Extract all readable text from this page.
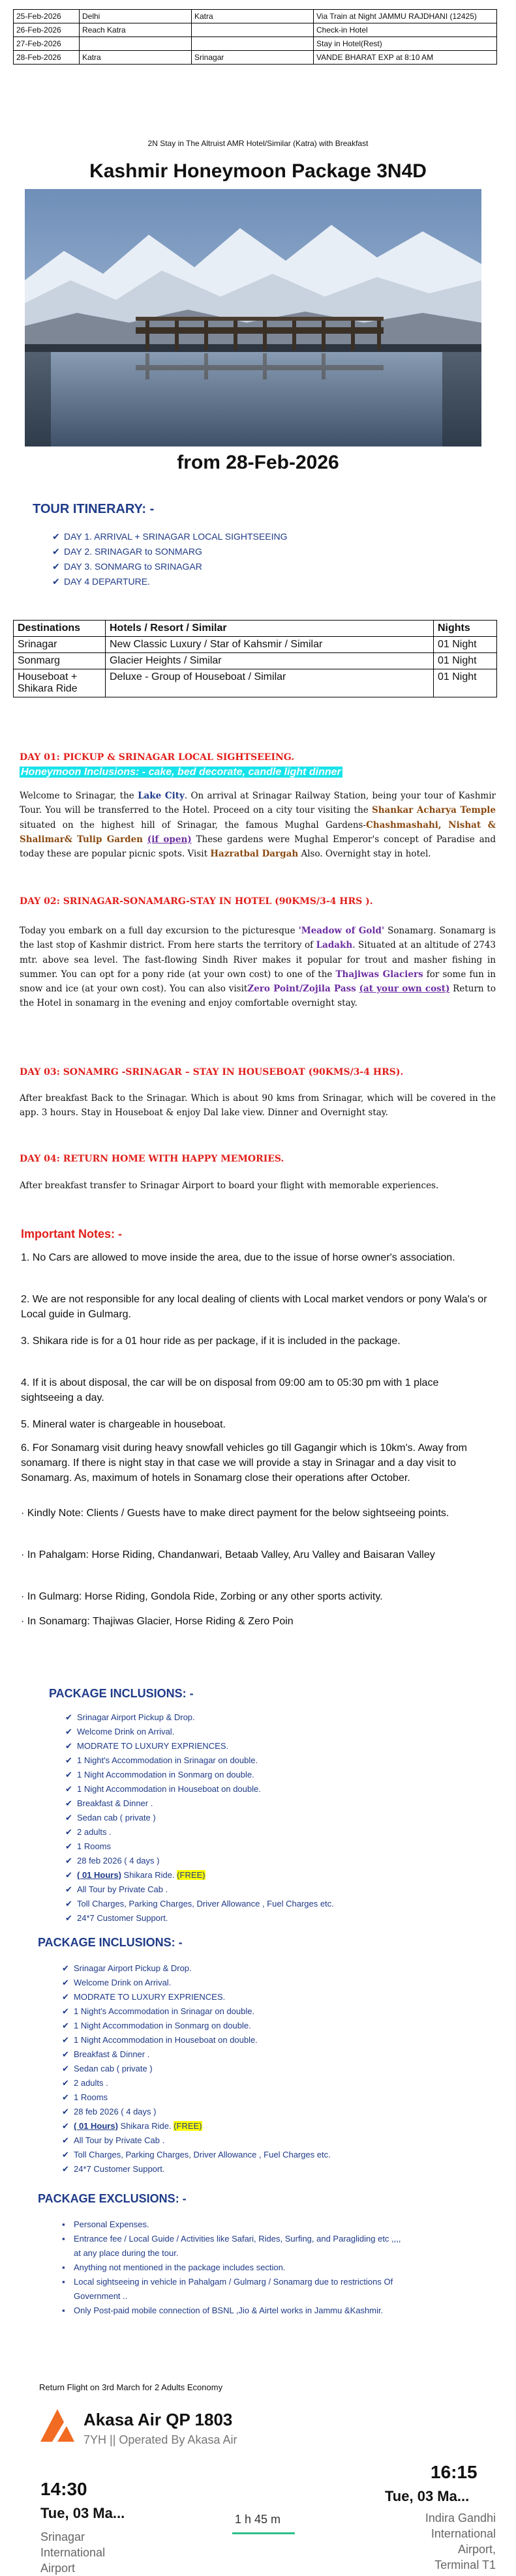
25-Feb-2026	Delhi	Katra	Via Train at Night JAMMU RAJDHANI (12425)
26-Feb-2026	Reach Katra		Check-in Hotel
27-Feb-2026			Stay in Hotel(Rest)
28-Feb-2026	Katra	Srinagar	VANDE BHARAT EXP at 8:10 AM
2N Stay in The Altruist AMR Hotel/Similar (Katra) with Breakfast
Kashmir Honeymoon Package 3N4D
from 28-Feb-2026
TOUR ITINERARY: -
✔ DAY 1. ARRIVAL + SRINAGAR LOCAL SIGHTSEEING
✔ DAY 2. SRINAGAR to SONMARG
✔ DAY 3. SONMARG to SRINAGAR
✔ DAY 4 DEPARTURE.
Destinations	Hotels / Resort / Similar	Nights
Srinagar	New Classic Luxury / Star of Kahsmir / Similar	01 Night
Sonmarg	Glacier Heights / Similar	01 Night
Houseboat + Shikara Ride	Deluxe - Group of Houseboat / Similar	01 Night
DAY 01: PICKUP & SRINAGAR LOCAL SIGHTSEEING.
Honeymoon Inclusions: - cake, bed decorate, candle light dinner
Welcome to Srinagar, the Lake City. On arrival at Srinagar Railway Station, being your tour of Kashmir Tour. You will be transferred to the Hotel. Proceed on a city tour visiting the Shankar Acharya Temple situated on the highest hill of Srinagar, the famous Mughal Gardens-Chashmashahi, Nishat & Shalimar& Tulip Garden (if open) These gardens were Mughal Emperor's concept of Paradise and today these are popular picnic spots. Visit Hazratbal Dargah Also. Overnight stay in hotel.
DAY 02: SRINAGAR-SONAMARG-STAY IN HOTEL (90KMS/3-4 HRS ).
Today you embark on a full day excursion to the picturesque 'Meadow of Gold' Sonamarg. Sonamarg is the last stop of Kashmir district. From here starts the territory of Ladakh. Situated at an altitude of 2743 mtr. above sea level. The fast-flowing Sindh River makes it popular for trout and masher fishing in summer. You can opt for a pony ride (at your own cost) to one of the Thajiwas Glaciers for some fun in snow and ice (at your own cost). You can also visitZero Point/Zojila Pass (at your own cost) Return to the Hotel in sonamarg in the evening and enjoy comfortable overnight stay.
DAY 03: SONAMRG -SRINAGAR – STAY IN HOUSEBOAT (90KMS/3-4 HRS).
After breakfast Back to the Srinagar. Which is about 90 kms from Srinagar, which will be covered in the app. 3 hours. Stay in Houseboat & enjoy Dal lake view. Dinner and Overnight stay.
DAY 04: RETURN HOME WITH HAPPY MEMORIES.
After breakfast transfer to Srinagar Airport to board your flight with memorable experiences.
Important Notes: -
1. No Cars are allowed to move inside the area, due to the issue of horse owner's association.
2. We are not responsible for any local dealing of clients with Local market vendors or pony Wala's or Local guide in Gulmarg.
3. Shikara ride is for a 01 hour ride as per package, if it is included in the package.
4. If it is about disposal, the car will be on disposal from 09:00 am to 05:30 pm with 1 place sightseeing a day.
5. Mineral water is chargeable in houseboat.
6. For Sonamarg visit during heavy snowfall vehicles go till Gagangir which is 10km's. Away from sonamarg. If there is night stay in that case we will provide a stay in Srinagar and a day visit to Sonamarg. As, maximum of hotels in Sonamarg close their operations after October.
· Kindly Note: Clients / Guests have to make direct payment for the below sightseeing points.
· In Pahalgam: Horse Riding, Chandanwari, Betaab Valley, Aru Valley and Baisaran Valley
· In Gulmarg: Horse Riding, Gondola Ride, Zorbing or any other sports activity.
· In Sonamarg: Thajiwas Glacier, Horse Riding & Zero Poin
PACKAGE INCLUSIONS: -
✔ Srinagar Airport Pickup & Drop.
✔ Welcome Drink on Arrival.
✔ MODRATE TO LUXURY EXPRIENCES.
✔ 1 Night's Accommodation in Srinagar on double.
✔ 1 Night Accommodation in Sonmarg on double.
✔ 1 Night Accommodation in Houseboat on double.
✔ Breakfast & Dinner .
✔ Sedan cab ( private )
✔ 2 adults .
✔ 1 Rooms
✔ 28 feb 2026 ( 4 days )
✔ ( 01 Hours) Shikara Ride. (FREE)
✔ All Tour by Private Cab .
✔ Toll Charges, Parking Charges, Driver Allowance , Fuel Charges etc.
✔ 24*7 Customer Support.
PACKAGE INCLUSIONS: -
✔ Srinagar Airport Pickup & Drop.
✔ Welcome Drink on Arrival.
✔ MODRATE TO LUXURY EXPRIENCES.
✔ 1 Night's Accommodation in Srinagar on double.
✔ 1 Night Accommodation in Sonmarg on double.
✔ 1 Night Accommodation in Houseboat on double.
✔ Breakfast & Dinner .
✔ Sedan cab ( private )
✔ 2 adults .
✔ 1 Rooms
✔ 28 feb 2026 ( 4 days )
✔ ( 01 Hours) Shikara Ride. (FREE)
✔ All Tour by Private Cab .
✔ Toll Charges, Parking Charges, Driver Allowance , Fuel Charges etc.
✔ 24*7 Customer Support.
PACKAGE EXCLUSIONS: -
▪ Personal Expenses.
▪ Entrance fee / Local Guide / Activities like Safari, Rides, Surfing, and Paragliding etc ,,,,
at any place during the tour.
▪ Anything not mentioned in the package includes section.
▪ Local sightseeing in vehicle in Pahalgam / Gulmarg / Sonamarg due to restrictions Of
Government ..
▪ Only Post-paid mobile connection of BSNL ,Jio & Airtel works in Jammu &Kashmir.
Return Flight on 3rd March for 2 Adults Economy
Akasa Air QP 1803
7YH || Operated By Akasa Air
14:30
Tue, 03 Ma...
Srinagar
International
Airport
1 h 45 m
16:15
Tue, 03 Ma...
Indira Gandhi
International
Airport,
Terminal T1
